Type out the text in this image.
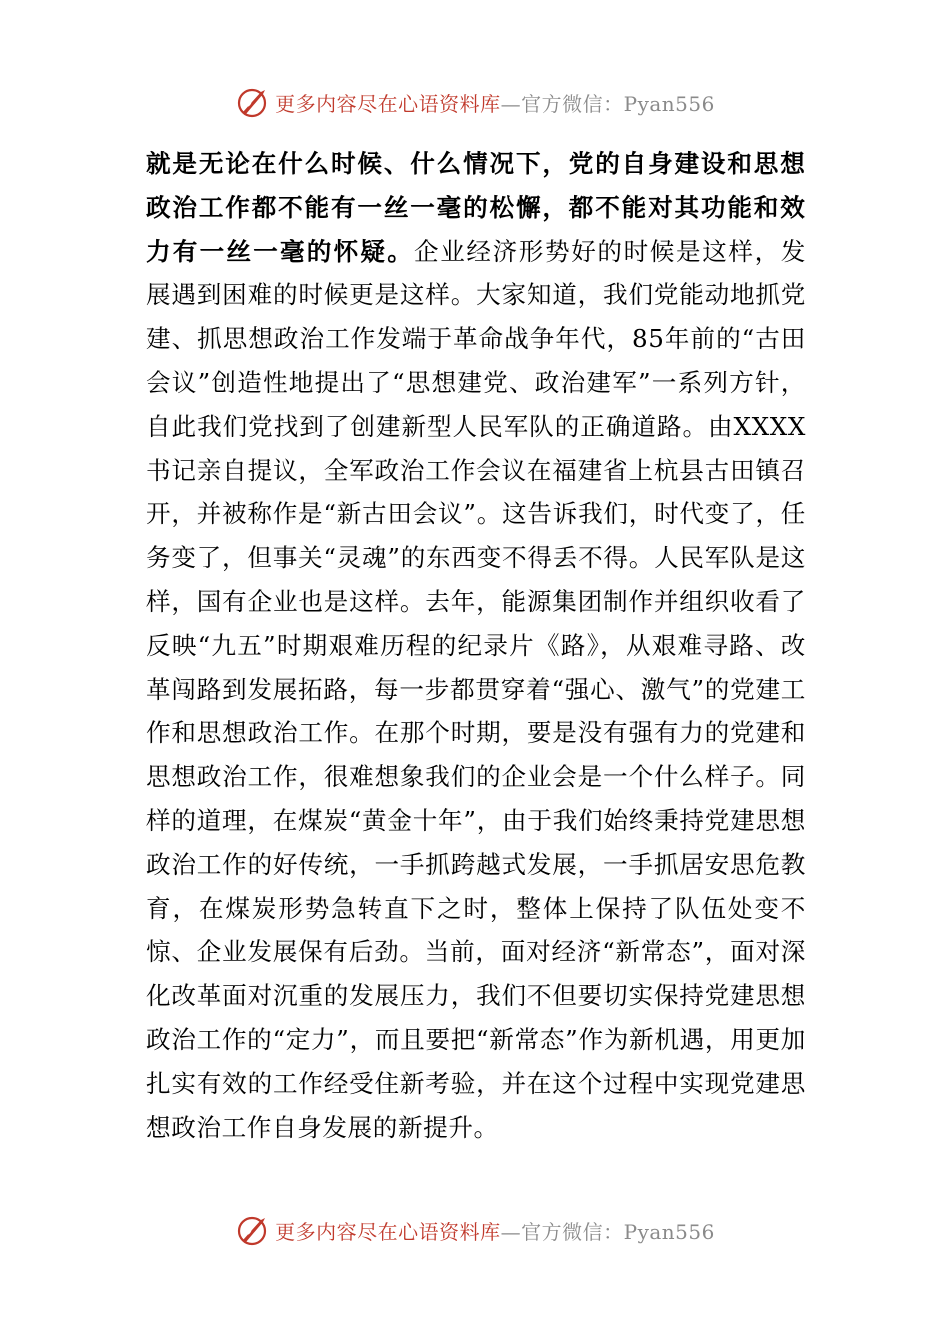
更多内容尽在心语资料库—官方微信：Pyan556
就是无论在什么时候、什么情况下，党的自身建设和思想政治工作都不能有一丝一毫的松懈，都不能对其功能和效力有一丝一毫的怀疑。企业经济形势好的时候是这样，发展遇到困难的时候更是这样。大家知道，我们党能动地抓党建、抓思想政治工作发端于革命战争年代，85年前的“古田会议”创造性地提出了“思想建党、政治建军”一系列方针，自此我们党找到了创建新型人民军队的正确道路。由XXXX书记亲自提议，全军政治工作会议在福建省上杭县古田镇召开，并被称作是“新古田会议”。这告诉我们，时代变了，任务变了，但事关“灵魂”的东西变不得丢不得。人民军队是这样，国有企业也是这样。去年，能源集团制作并组织收看了反映“九五”时期艰难历程的纪录片《路》，从艰难寻路、改革闯路到发展拓路，每一步都贯穿着“强心、激气”的党建工作和思想政治工作。在那个时期，要是没有强有力的党建和思想政治工作，很难想象我们的企业会是一个什么样子。同样的道理，在煤炭“黄金十年”，由于我们始终秉持党建思想政治工作的好传统，一手抓跨越式发展，一手抓居安思危教育，在煤炭形势急转直下之时，整体上保持了队伍处变不惊、企业发展保有后劲。当前，面对经济“新常态”，面对深化改革面对沉重的发展压力，我们不但要切实保持党建思想政治工作的“定力”，而且要把“新常态”作为新机遇，用更加扎实有效的工作经受住新考验，并在这个过程中实现党建思想政治工作自身发展的新提升。
更多内容尽在心语资料库—官方微信：Pyan556
